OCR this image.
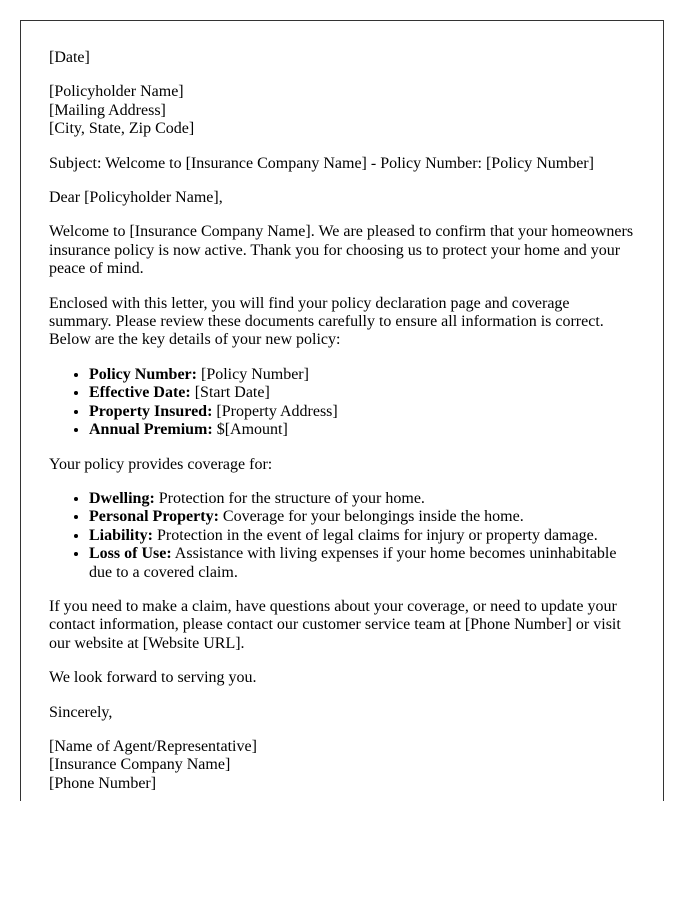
[Date]

[Policyholder Name]
[Mailing Address]
[City, State, Zip Code]

Subject: Welcome to [Insurance Company Name] - Policy Number: [Policy Number]

Dear [Policyholder Name],

Welcome to [Insurance Company Name]. We are pleased to confirm that your homeowners insurance policy is now active. Thank you for choosing us to protect your home and your peace of mind.

Enclosed with this letter, you will find your policy declaration page and coverage summary. Please review these documents carefully to ensure all information is correct. Below are the key details of your new policy:

• Policy Number: [Policy Number]
• Effective Date: [Start Date]
• Property Insured: [Property Address]
• Annual Premium: $[Amount]

Your policy provides coverage for:

• Dwelling: Protection for the structure of your home.
• Personal Property: Coverage for your belongings inside the home.
• Liability: Protection in the event of legal claims for injury or property damage.
• Loss of Use: Assistance with living expenses if your home becomes uninhabitable due to a covered claim.

If you need to make a claim, have questions about your coverage, or need to update your contact information, please contact our customer service team at [Phone Number] or visit our website at [Website URL].

We look forward to serving you.

Sincerely,

[Name of Agent/Representative]
[Insurance Company Name]
[Phone Number]
